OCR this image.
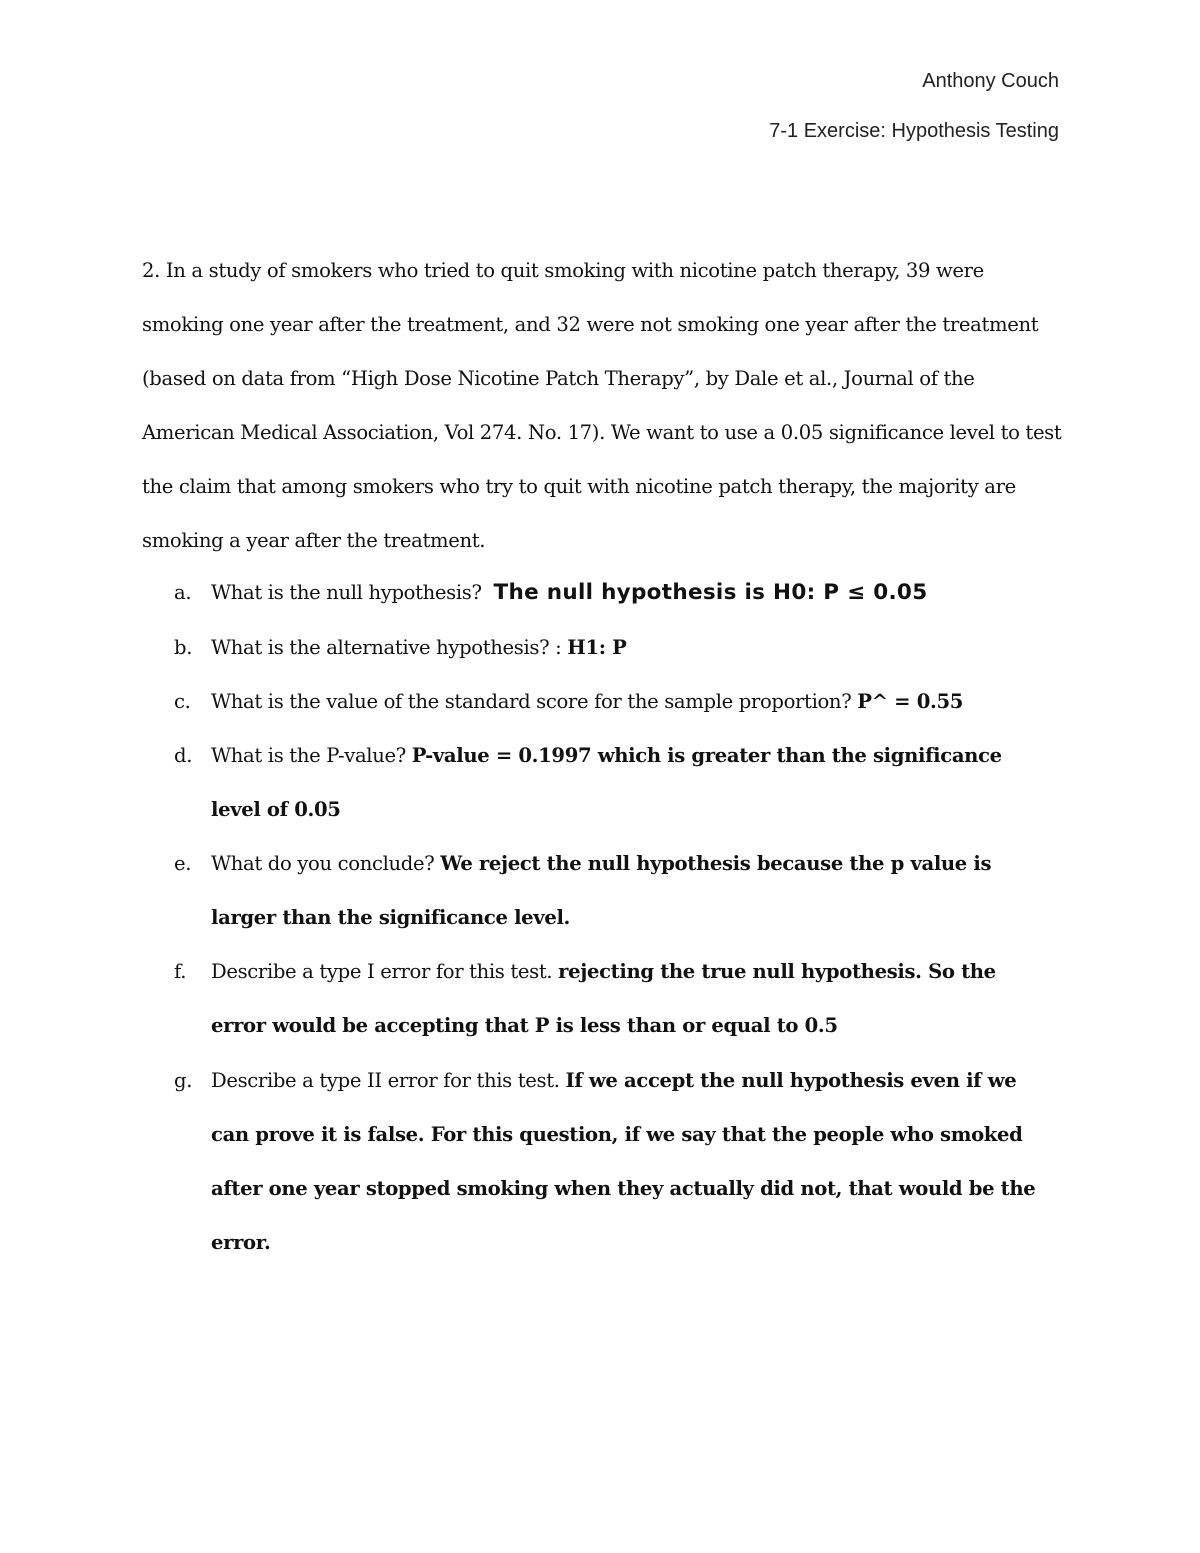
Anthony Couch
7-1 Exercise: Hypothesis Testing

2. In a study of smokers who tried to quit smoking with nicotine patch therapy, 39 were smoking one year after the treatment, and 32 were not smoking one year after the treatment (based on data from “High Dose Nicotine Patch Therapy”, by Dale et al., Journal of the American Medical Association, Vol 274. No. 17). We want to use a 0.05 significance level to test the claim that among smokers who try to quit with nicotine patch therapy, the majority are smoking a year after the treatment.

a.	What is the null hypothesis? The null hypothesis is H0: P ≤ 0.05
b. What is the alternative hypothesis? : H1: P
c.	What is the value of the standard score for the sample proportion? P^ = 0.55
d. What is the P-value? P-value = 0.1997 which is greater than the significance level of 0.05
e.	What do you conclude? We reject the null hypothesis because the p value is larger than the significance level.
f.	Describe a type I error for this test. rejecting the true null hypothesis. So the error would be accepting that P is less than or equal to 0.5
g. Describe a type II error for this test. If we accept the null hypothesis even if we can prove it is false. For this question, if we say that the people who smoked after one year stopped smoking when they actually did not, that would be the error.
